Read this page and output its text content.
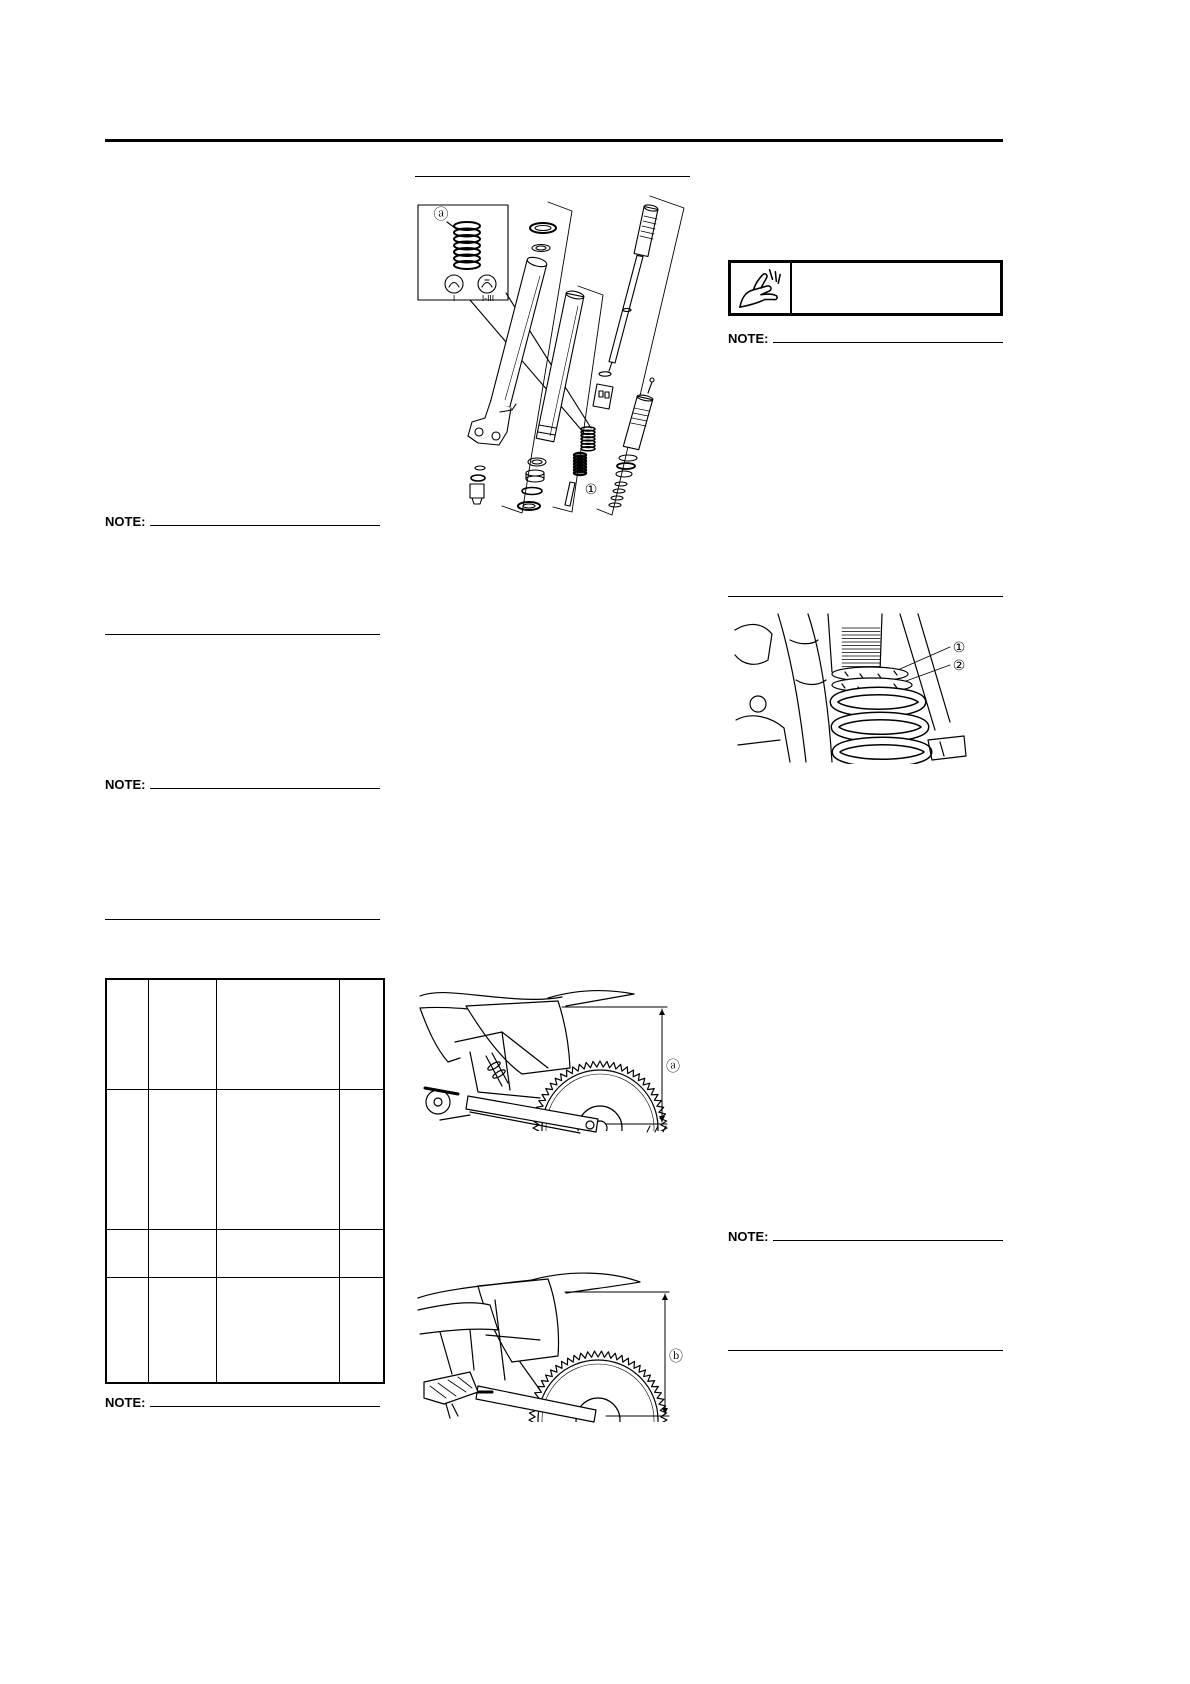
NOTE:
NOTE:

NOTE:
ⓐ
I	I-III
①
ⓐ
ⓑ
NOTE:
①
②
NOTE:
